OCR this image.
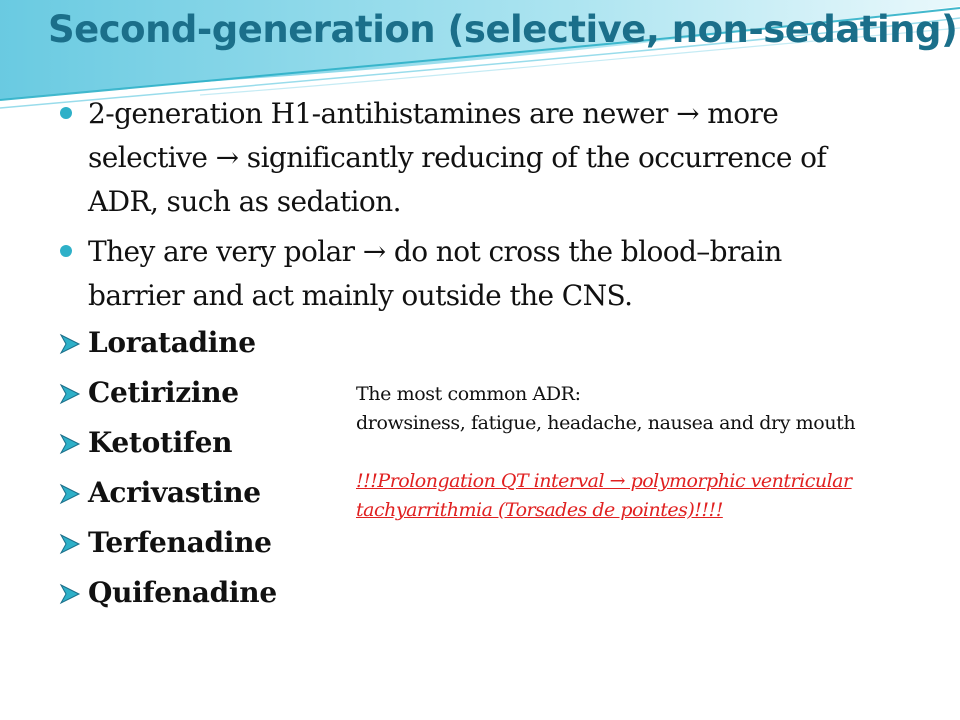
Second-generation (selective, non-sedating)
2-generation H1-antihistamines are newer → more
selective → significantly reducing of the occurrence of
ADR, such as sedation.
They are very polar → do not cross the blood–brain
barrier and act mainly outside the CNS.
Loratadine
Cetirizine
Ketotifen
Acrivastine
Terfenadine
Quifenadine
The most common ADR:
drowsiness, fatigue, headache, nausea and dry mouth
!!!Prolongation QT interval → polymorphic ventricular
tachyarrithmia (Torsades de pointes)!!!!
